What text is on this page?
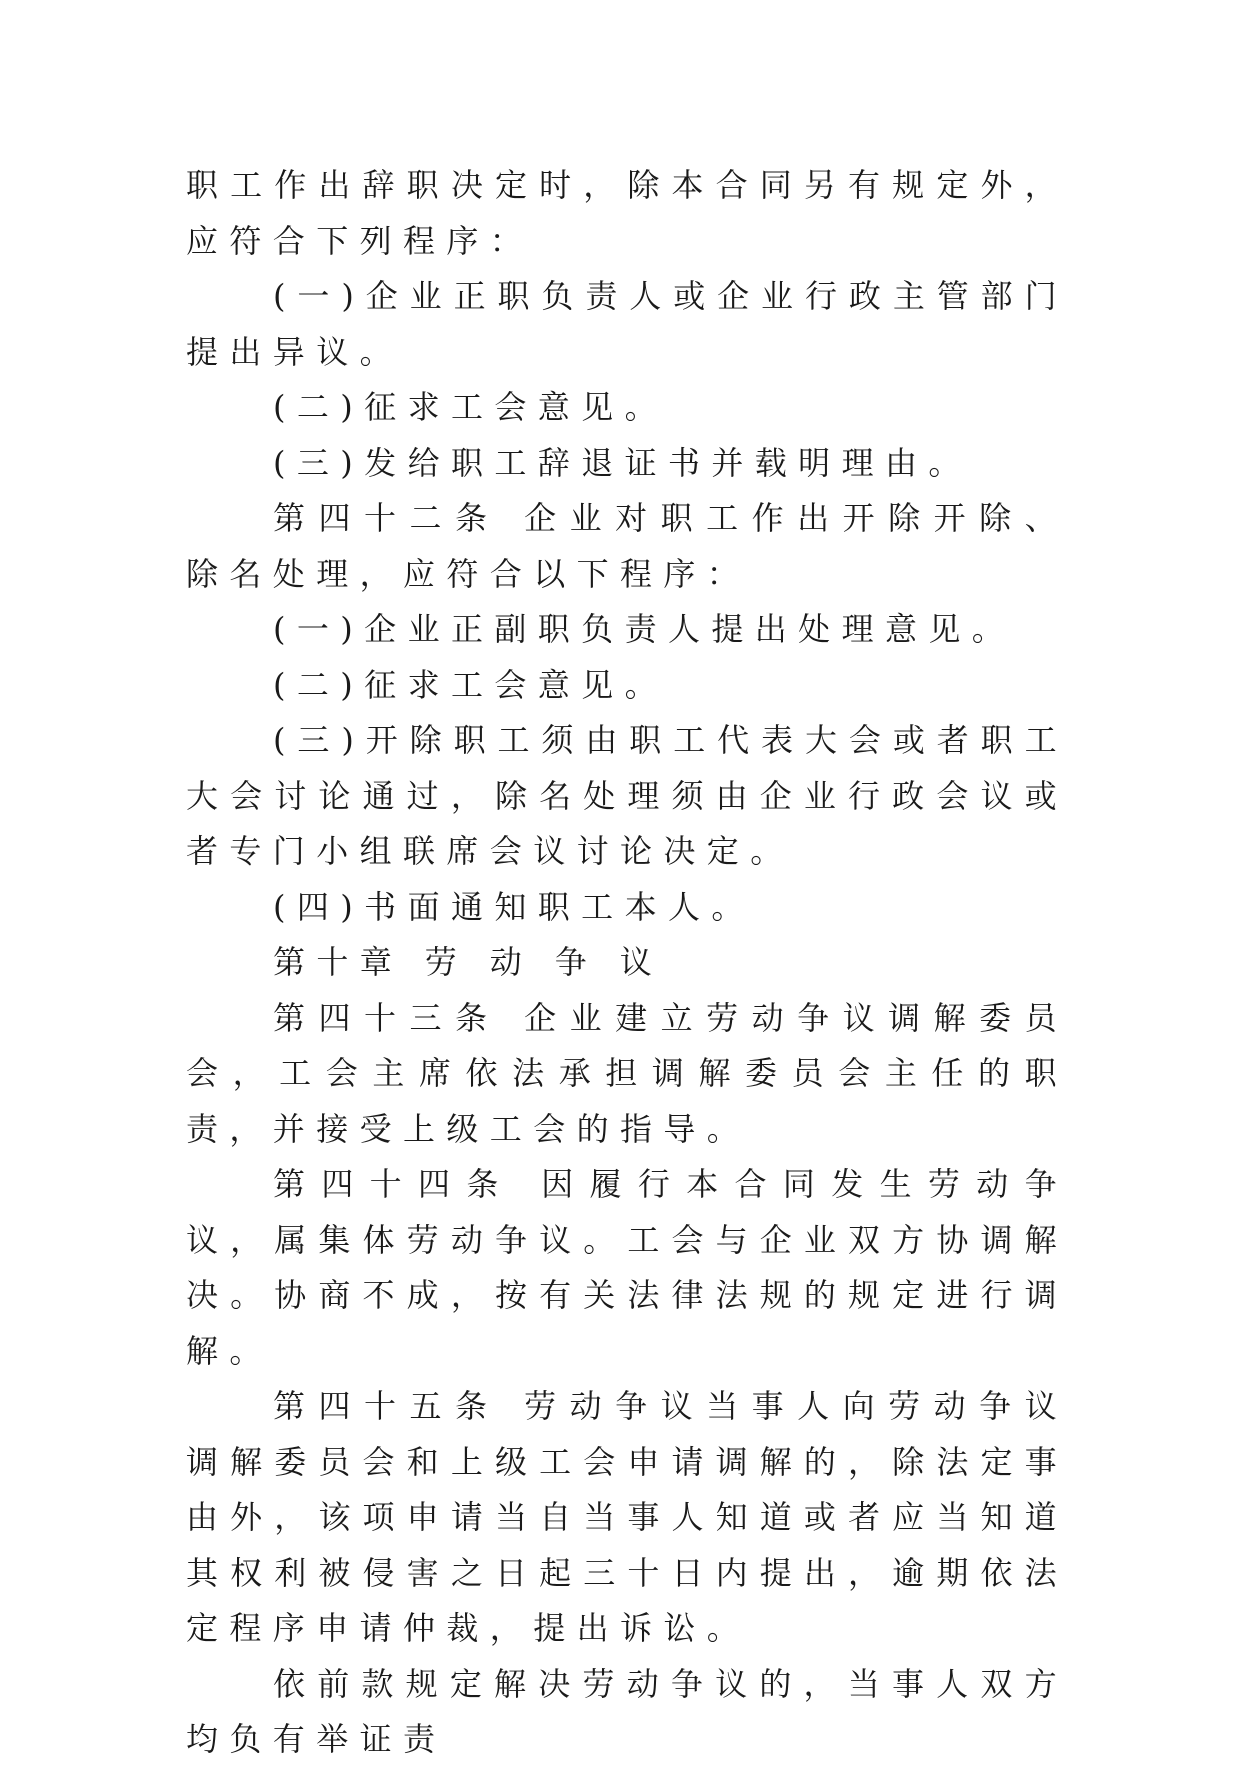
职工作出辞职决定时，除本合同另有规定外，应符合下列程序：

(一)企业正职负责人或企业行政主管部门提出异议。

(二)征求工会意见。

(三)发给职工辞退证书并载明理由。

第四十二条 企业对职工作出开除开除、除名处理，应符合以下程序：

(一)企业正副职负责人提出处理意见。

(二)征求工会意见。

(三)开除职工须由职工代表大会或者职工大会讨论通过，除名处理须由企业行政会议或者专门小组联席会议讨论决定。

(四)书面通知职工本人。

第十章 劳 动 争 议

第四十三条 企业建立劳动争议调解委员会，工会主席依法承担调解委员会主任的职责，并接受上级工会的指导。

第四十四条 因履行本合同发生劳动争议，属集体劳动争议。工会与企业双方协调解决。协商不成，按有关法律法规的规定进行调解。

第四十五条 劳动争议当事人向劳动争议调解委员会和上级工会申请调解的，除法定事由外，该项申请当自当事人知道或者应当知道其权利被侵害之日起三十日内提出，逾期依法定程序申请仲裁，提出诉讼。

依前款规定解决劳动争议的，当事人双方均负有举证责
